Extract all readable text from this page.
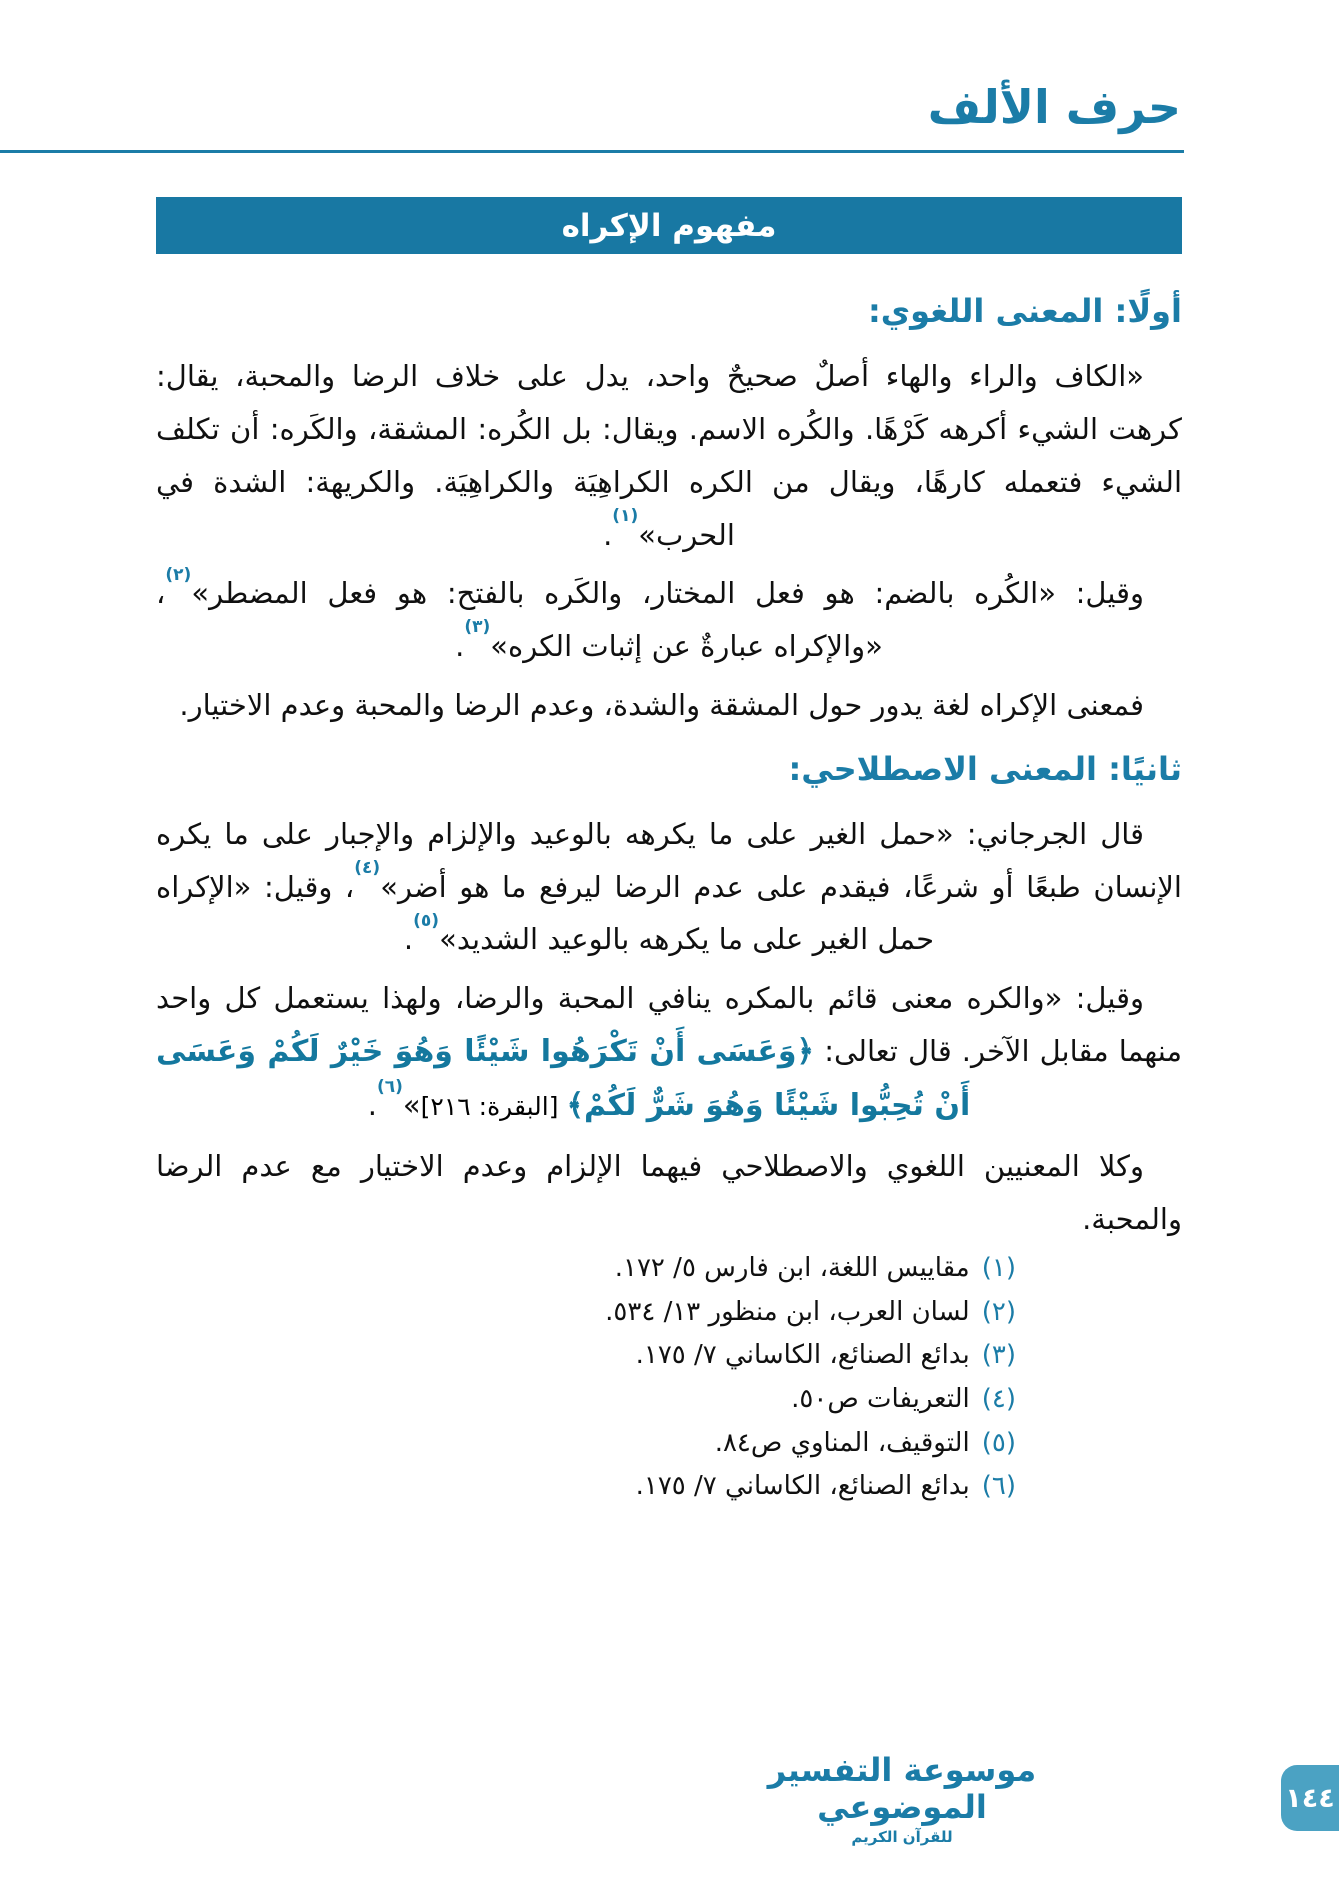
حرف الألف
مفهوم الإكراه
أولًا: المعنى اللغوي:

«الكاف والراء والهاء أصلٌ صحيحٌ واحد، يدل على خلاف الرضا والمحبة، يقال: كرهت الشيء أكرهه كَرْهًا. والكُره الاسم. ويقال: بل الكُره: المشقة، والكَره: أن تكلف الشيء فتعمله كارهًا، ويقال من الكره الكراهِيَة والكراهِيَة. والكريهة: الشدة في الحرب»$^{(١)}$.

وقيل: «الكُره بالضم: هو فعل المختار، والكَره بالفتح: هو فعل المضطر»$^{(٢)}$، «والإكراه عبارةٌ عن إثبات الكره»$^{(٣)}$.

فمعنى الإكراه لغة يدور حول المشقة والشدة، وعدم الرضا والمحبة وعدم الاختيار.

ثانيًا: المعنى الاصطلاحي:

قال الجرجاني: «حمل الغير على ما يكرهه بالوعيد والإلزام والإجبار على ما يكره الإنسان طبعًا أو شرعًا، فيقدم على عدم الرضا ليرفع ما هو أضر»$^{(٤)}$، وقيل: «الإكراه حمل الغير على ما يكرهه بالوعيد الشديد»$^{(٥)}$.

وقيل: «والكره معنى قائم بالمكره ينافي المحبة والرضا، ولهذا يستعمل كل واحد منهما مقابل الآخر. قال تعالى: ﴿وَعَسَى أَنْ تَكْرَهُوا شَيْئًا وَهُوَ خَيْرٌ لَكُمْ وَعَسَى أَنْ تُحِبُّوا شَيْئًا وَهُوَ شَرٌّ لَكُمْ﴾ [البقرة: ٢١٦]»$^{(٦)}$.

وكلا المعنيين اللغوي والاصطلاحي فيهما الإلزام وعدم الاختيار مع عدم الرضا والمحبة.

(١)مقاييس اللغة، ابن فارس ٥/ ١٧٢.
(٢)لسان العرب، ابن منظور ١٣/ ٥٣٤.
(٣)بدائع الصنائع، الكاساني ٧/ ١٧٥.
(٤)التعريفات ص٥٠.
(٥)التوقيف، المناوي ص٨٤.
(٦)بدائع الصنائع، الكاساني ٧/ ١٧٥.
موسوعة التفسير الموضوعي
للقرآن الكريم
١٤٤
